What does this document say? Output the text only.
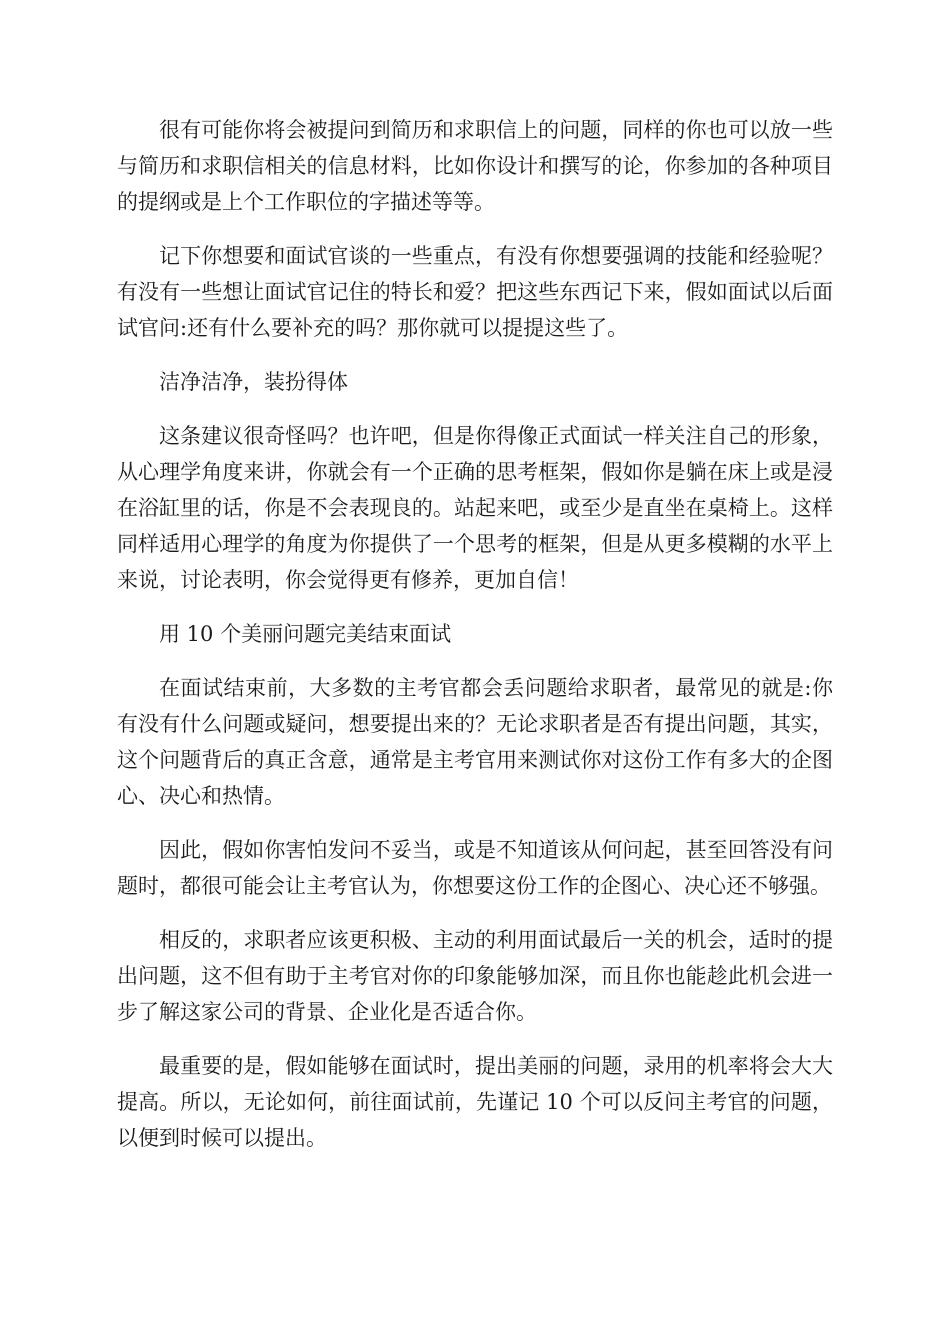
很有可能你将会被提问到简历和求职信上的问题，同样的你也可以放一些与简历和求职信相关的信息材料，比如你设计和撰写的论，你参加的各种项目的提纲或是上个工作职位的字描述等等。

记下你想要和面试官谈的一些重点，有没有你想要强调的技能和经验呢？有没有一些想让面试官记住的特长和爱？把这些东西记下来，假如面试以后面试官问:还有什么要补充的吗？那你就可以提提这些了。

洁净洁净，装扮得体

这条建议很奇怪吗？也许吧，但是你得像正式面试一样关注自己的形象，从心理学角度来讲，你就会有一个正确的思考框架，假如你是躺在床上或是浸在浴缸里的话，你是不会表现良的。站起来吧，或至少是直坐在桌椅上。这样同样适用心理学的角度为你提供了一个思考的框架，但是从更多模糊的水平上来说，讨论表明，你会觉得更有修养，更加自信！

用 10 个美丽问题完美结束面试

在面试结束前，大多数的主考官都会丢问题给求职者，最常见的就是:你有没有什么问题或疑问，想要提出来的？无论求职者是否有提出问题，其实，这个问题背后的真正含意，通常是主考官用来测试你对这份工作有多大的企图心、决心和热情。

因此，假如你害怕发问不妥当，或是不知道该从何问起，甚至回答没有问题时，都很可能会让主考官认为，你想要这份工作的企图心、决心还不够强。

相反的，求职者应该更积极、主动的利用面试最后一关的机会，适时的提出问题，这不但有助于主考官对你的印象能够加深，而且你也能趁此机会进一步了解这家公司的背景、企业化是否适合你。

最重要的是，假如能够在面试时，提出美丽的问题，录用的机率将会大大提高。所以，无论如何，前往面试前，先谨记 10 个可以反问主考官的问题，以便到时候可以提出。
